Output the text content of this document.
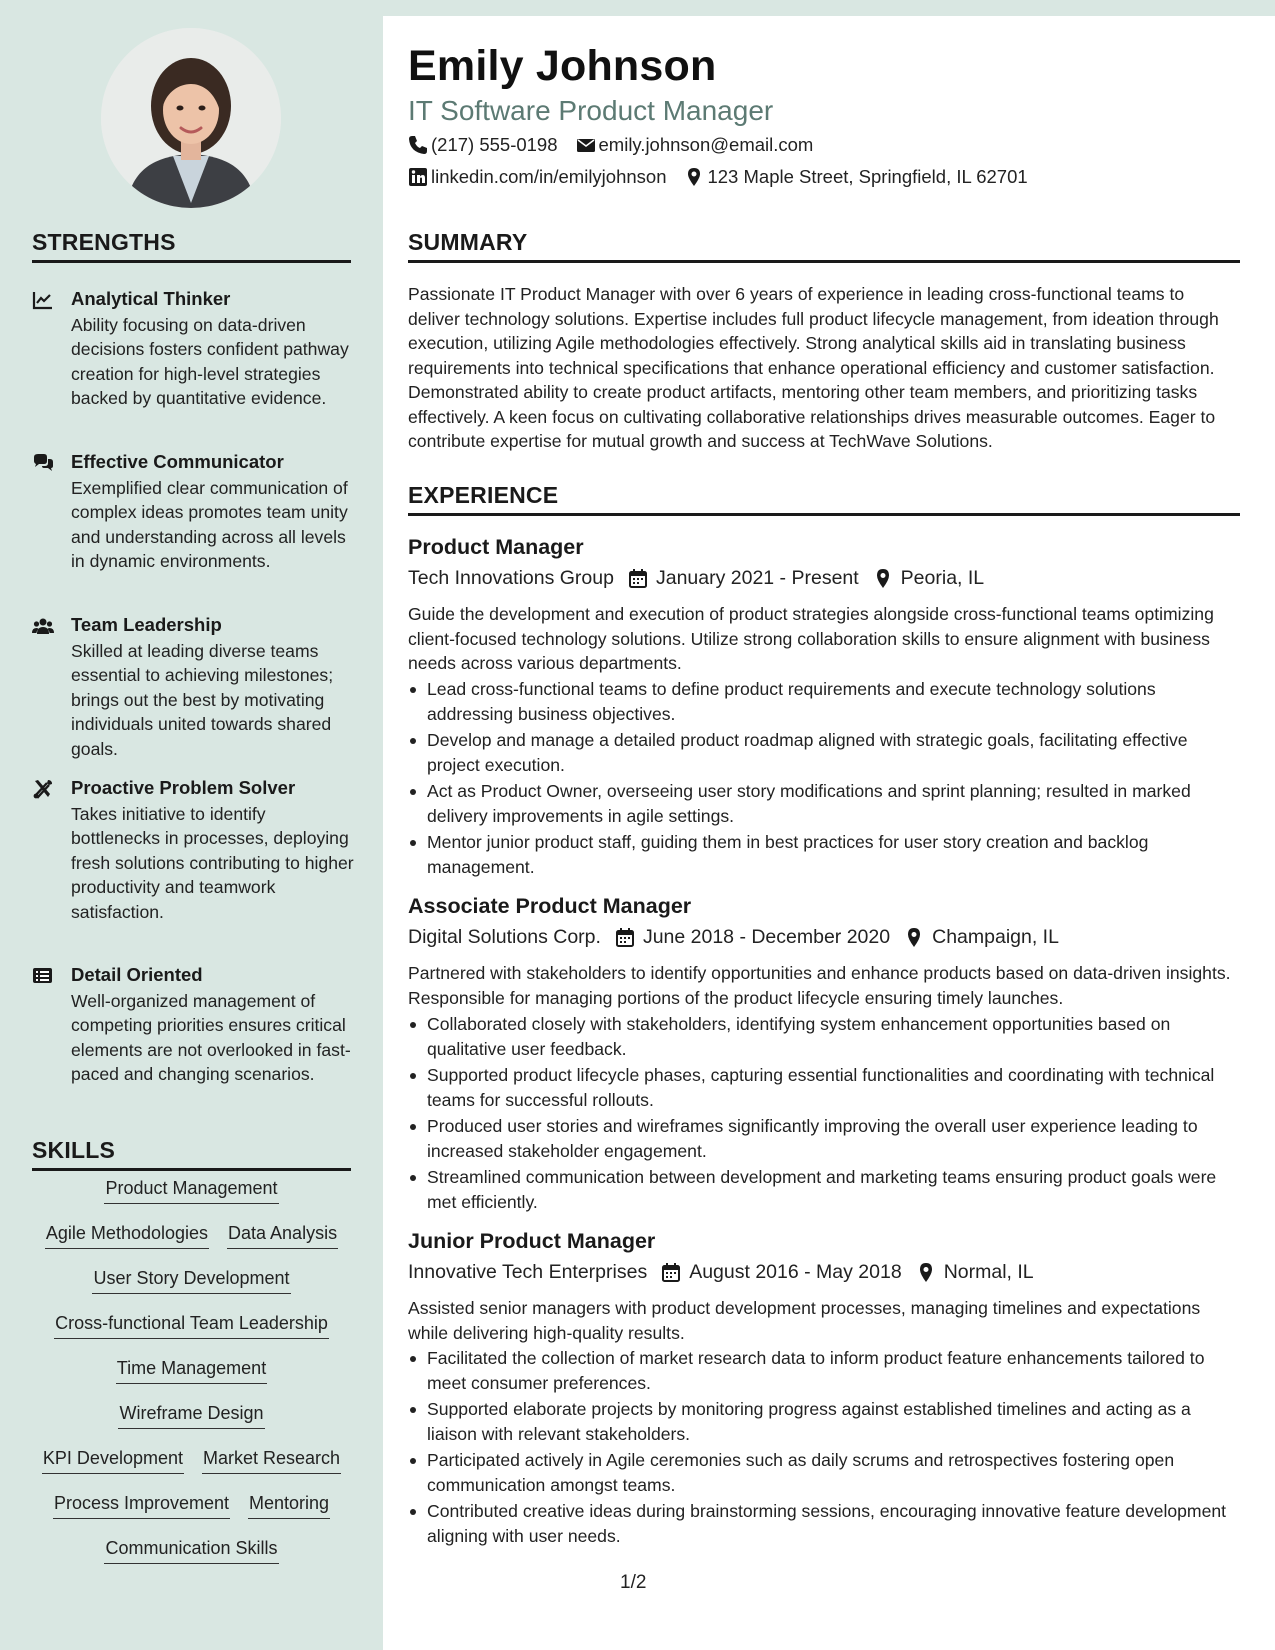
STRENGTHS
Analytical Thinker
Ability focusing on data-driven decisions fosters confident pathway creation for high-level strategies backed by quantitative evidence.
Effective Communicator
Exemplified clear communication of complex ideas promotes team unity and understanding across all levels in dynamic environments.
Team Leadership
Skilled at leading diverse teams essential to achieving milestones; brings out the best by motivating individuals united towards shared goals.
Proactive Problem Solver
Takes initiative to identify bottlenecks in processes, deploying fresh solutions contributing to higher productivity and teamwork satisfaction.
Detail Oriented
Well-organized management of competing priorities ensures critical elements are not overlooked in fast-paced and changing scenarios.
SKILLS
Product Management
Agile Methodologies Data Analysis
User Story Development
Cross-functional Team Leadership
Time Management
Wireframe Design
KPI Development Market Research
Process Improvement Mentoring
Communication Skills
Emily Johnson
IT Software Product Manager
(217) 555-0198 emily.johnson@email.com
linkedin.com/in/emilyjohnson 123 Maple Street, Springfield, IL 62701
SUMMARY
Passionate IT Product Manager with over 6 years of experience in leading cross-functional teams to deliver technology solutions. Expertise includes full product lifecycle management, from ideation through execution, utilizing Agile methodologies effectively. Strong analytical skills aid in translating business requirements into technical specifications that enhance operational efficiency and customer satisfaction. Demonstrated ability to create product artifacts, mentoring other team members, and prioritizing tasks effectively. A keen focus on cultivating collaborative relationships drives measurable outcomes. Eager to contribute expertise for mutual growth and success at TechWave Solutions.
EXPERIENCE
Product Manager
Tech Innovations Group January 2021 - Present Peoria, IL
Guide the development and execution of product strategies alongside cross-functional teams optimizing client-focused technology solutions. Utilize strong collaboration skills to ensure alignment with business needs across various departments.
Lead cross-functional teams to define product requirements and execute technology solutions addressing business objectives.
Develop and manage a detailed product roadmap aligned with strategic goals, facilitating effective project execution.
Act as Product Owner, overseeing user story modifications and sprint planning; resulted in marked delivery improvements in agile settings.
Mentor junior product staff, guiding them in best practices for user story creation and backlog management.
Associate Product Manager
Digital Solutions Corp. June 2018 - December 2020 Champaign, IL
Partnered with stakeholders to identify opportunities and enhance products based on data-driven insights. Responsible for managing portions of the product lifecycle ensuring timely launches.
Collaborated closely with stakeholders, identifying system enhancement opportunities based on qualitative user feedback.
Supported product lifecycle phases, capturing essential functionalities and coordinating with technical teams for successful rollouts.
Produced user stories and wireframes significantly improving the overall user experience leading to increased stakeholder engagement.
Streamlined communication between development and marketing teams ensuring product goals were met efficiently.
Junior Product Manager
Innovative Tech Enterprises August 2016 - May 2018 Normal, IL
Assisted senior managers with product development processes, managing timelines and expectations while delivering high-quality results.
Facilitated the collection of market research data to inform product feature enhancements tailored to meet consumer preferences.
Supported elaborate projects by monitoring progress against established timelines and acting as a liaison with relevant stakeholders.
Participated actively in Agile ceremonies such as daily scrums and retrospectives fostering open communication amongst teams.
Contributed creative ideas during brainstorming sessions, encouraging innovative feature development aligning with user needs.
1/2
